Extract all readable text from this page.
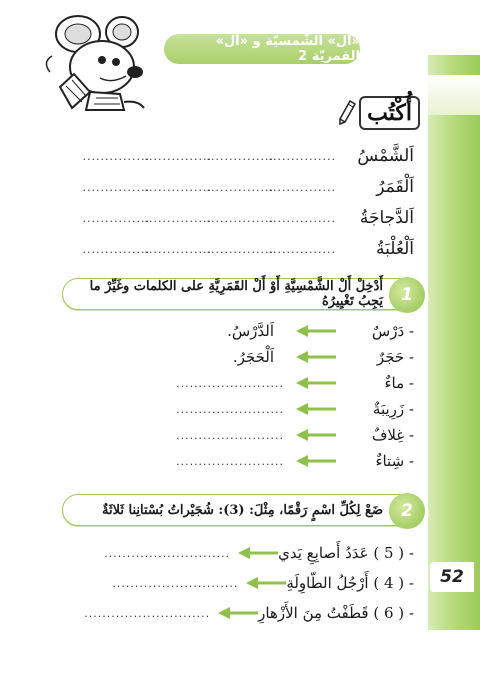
52
«آل» الشَّمسيّة و «آل» القمريّة 2
أُكْتُب
اَلشَّمْسُ
...............
...............
...............
...............
اَلْقَمَرُ
...............
...............
...............
...............
اَلدَّجاجَةُ
...............
...............
...............
...............
اَلْعُلْبَةُ
...............
...............
...............
...............
1
أَدْخِلْ أَلْ الشَّمْسِيَّةِ أَوْ أَلْ القَمَرِيَّةِ على الكلمات وغَيِّرْ ما يَجِبُ تَغْيِيرُهُ
- دَرْسٌ
اَلدَّرْسُ.
- حَجَرٌ
اَلْحَجَرُ.
- ماءٌ
........................
- زَرِيبَةٌ
........................
- غِلافٌ
........................
- شِتاءٌ
........................
2
ضَعْ لِكُلِّ اسْمٍ رَقْمًا، مِثْلَ: (3): شُجَيْراتُ بُسْتانِنا ثَلاثَةٌ
- ( 5 ) عَدَدُ أَصابِعِ يَدي
............................
- ( 4 ) أَرْجُلُ الطّاوِلَةِ
............................
- ( 6 ) قَطَفْتُ مِنَ الأَزْهارِ
............................
